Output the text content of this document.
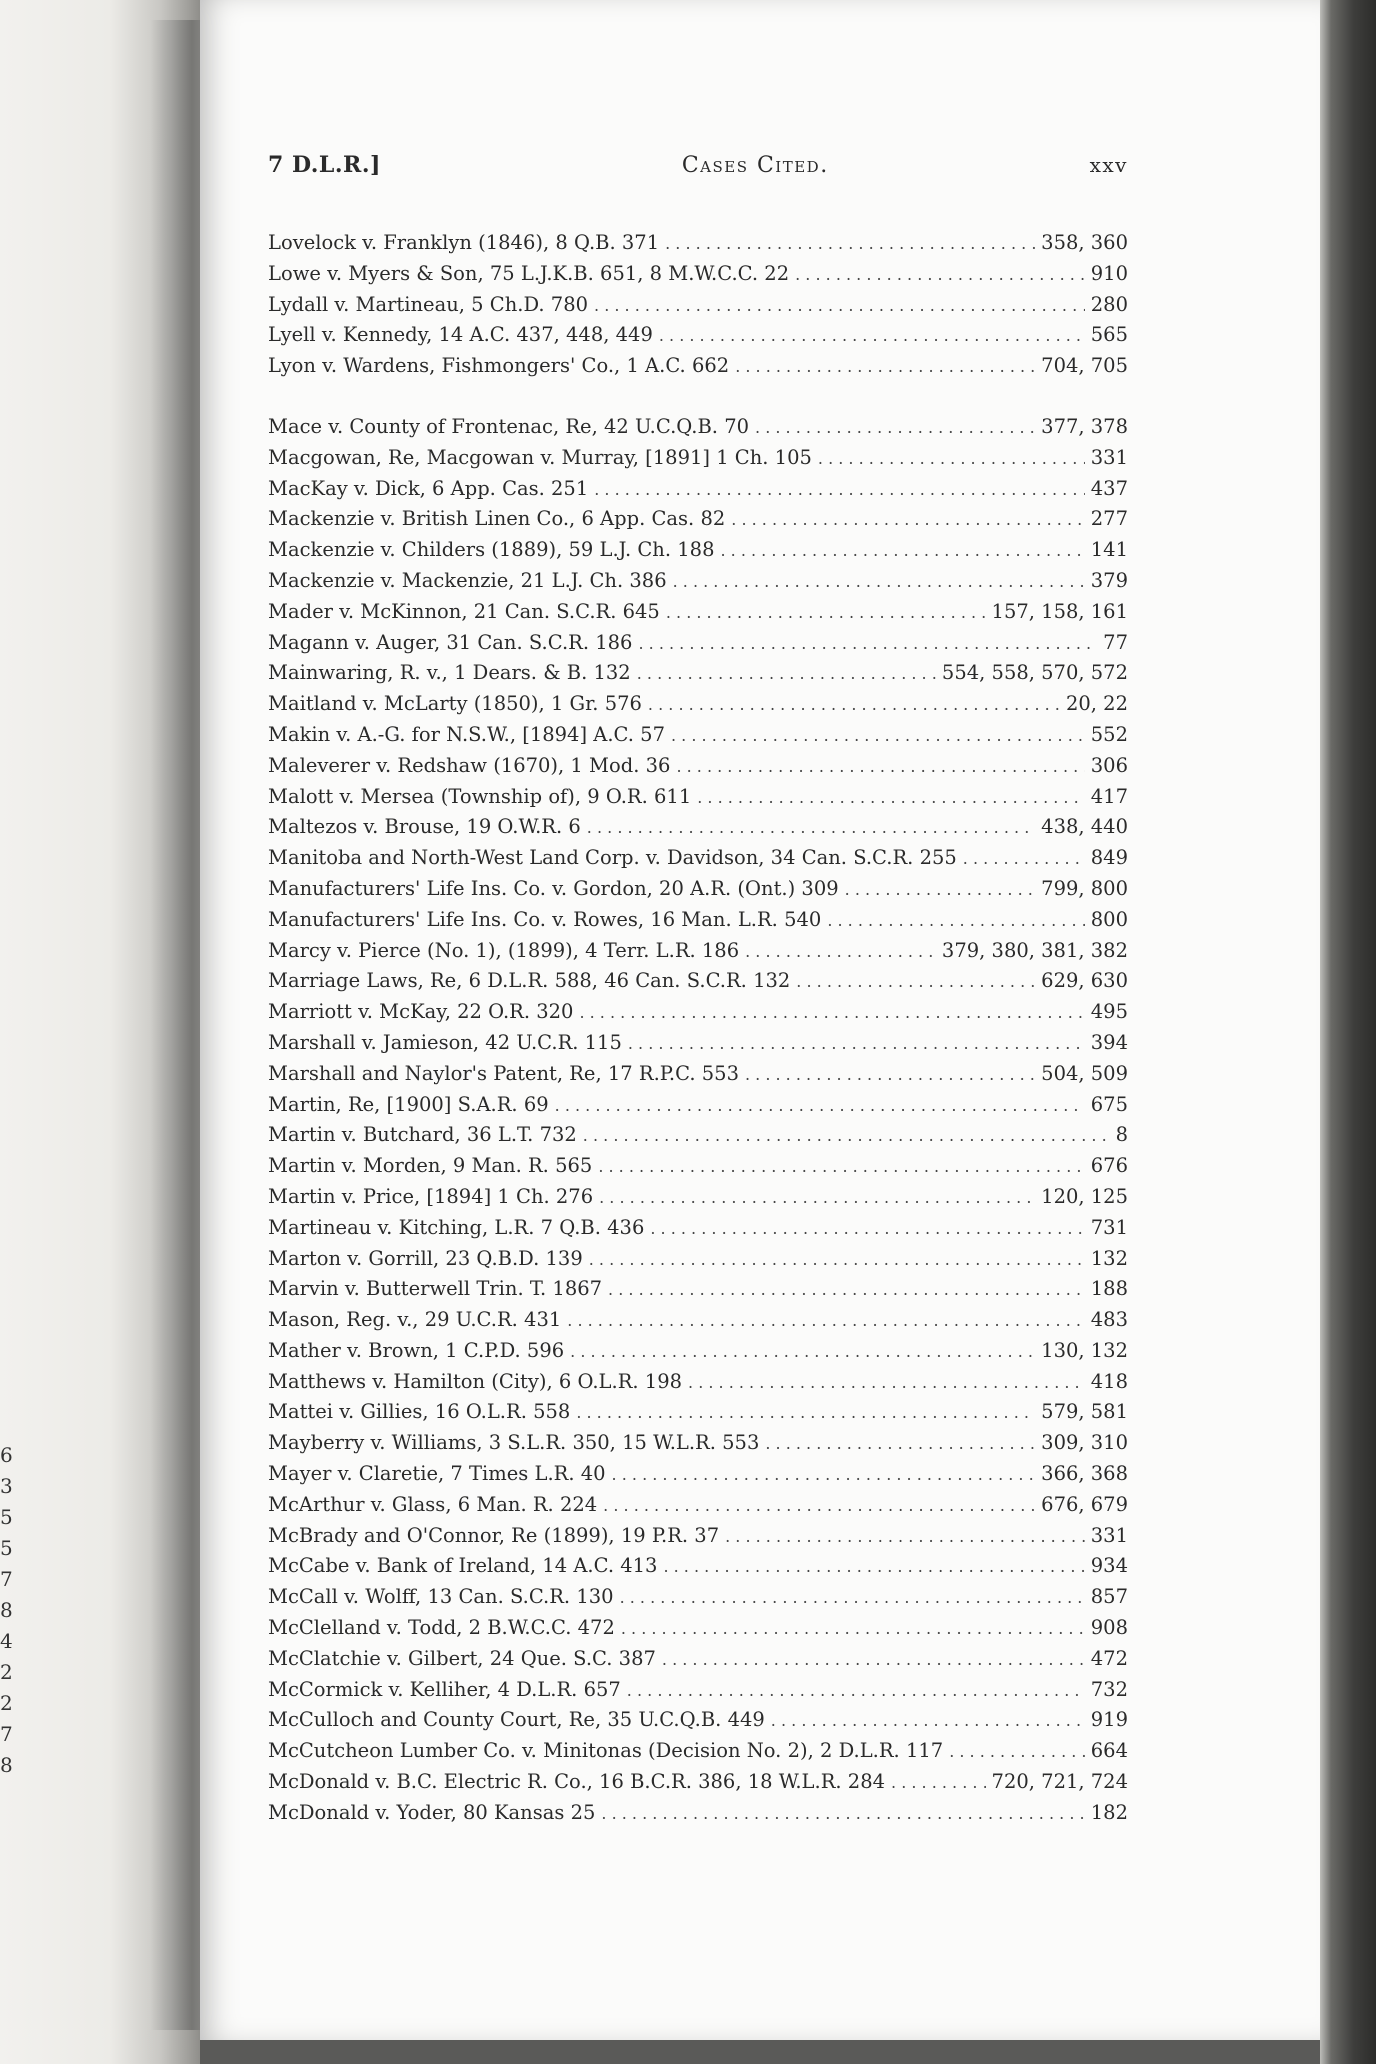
6
3
5
5
7
8
4
2
2
7
8
7 D.L.R.]	Cases Cited.	xxv
Lovelock v. Franklyn (1846), 8 Q.B. 371 . . .	358, 360
Lowe v. Myers & Son, 75 L.J.K.B. 651, 8 M.W.C.C. 22 . . .	910
Lydall v. Martineau, 5 Ch.D. 780 . . .	280
Lyell v. Kennedy, 14 A.C. 437, 448, 449 . . .	565
Lyon v. Wardens, Fishmongers' Co., 1 A.C. 662 . . .	704, 705
Mace v. County of Frontenac, Re, 42 U.C.Q.B. 70 . . .	377, 378
Macgowan, Re, Macgowan v. Murray, [1891] 1 Ch. 105 . . .	331
MacKay v. Dick, 6 App. Cas. 251 . . .	437
Mackenzie v. British Linen Co., 6 App. Cas. 82 . . .	277
Mackenzie v. Childers (1889), 59 L.J. Ch. 188 . . .	141
Mackenzie v. Mackenzie, 21 L.J. Ch. 386 . . .	379
Mader v. McKinnon, 21 Can. S.C.R. 645 . . .	157, 158, 161
Magann v. Auger, 31 Can. S.C.R. 186 . . .	77
Mainwaring, R. v., 1 Dears. & B. 132 . . .	554, 558, 570, 572
Maitland v. McLarty (1850), 1 Gr. 576 . . .	20, 22
Makin v. A.-G. for N.S.W., [1894] A.C. 57 . . .	552
Maleverer v. Redshaw (1670), 1 Mod. 36 . . .	306
Malott v. Mersea (Township of), 9 O.R. 611 . . .	417
Maltezos v. Brouse, 19 O.W.R. 6 . . .	438, 440
Manitoba and North-West Land Corp. v. Davidson, 34 Can. S.C.R. 255 . . .	849
Manufacturers' Life Ins. Co. v. Gordon, 20 A.R. (Ont.) 309 . . .	799, 800
Manufacturers' Life Ins. Co. v. Rowes, 16 Man. L.R. 540 . . .	800
Marcy v. Pierce (No. 1), (1899), 4 Terr. L.R. 186 . . .	379, 380, 381, 382
Marriage Laws, Re, 6 D.L.R. 588, 46 Can. S.C.R. 132 . . .	629, 630
Marriott v. McKay, 22 O.R. 320 . . .	495
Marshall v. Jamieson, 42 U.C.R. 115 . . .	394
Marshall and Naylor's Patent, Re, 17 R.P.C. 553 . . .	504, 509
Martin, Re, [1900] S.A.R. 69 . . .	675
Martin v. Butchard, 36 L.T. 732 . . .	8
Martin v. Morden, 9 Man. R. 565 . . .	676
Martin v. Price, [1894] 1 Ch. 276 . . .	120, 125
Martineau v. Kitching, L.R. 7 Q.B. 436 . . .	731
Marton v. Gorrill, 23 Q.B.D. 139 . . .	132
Marvin v. Butterwell Trin. T. 1867 . . .	188
Mason, Reg. v., 29 U.C.R. 431 . . .	483
Mather v. Brown, 1 C.P.D. 596 . . .	130, 132
Matthews v. Hamilton (City), 6 O.L.R. 198 . . .	418
Mattei v. Gillies, 16 O.L.R. 558 . . .	579, 581
Mayberry v. Williams, 3 S.L.R. 350, 15 W.L.R. 553 . . .	309, 310
Mayer v. Claretie, 7 Times L.R. 40 . . .	366, 368
McArthur v. Glass, 6 Man. R. 224 . . .	676, 679
McBrady and O'Connor, Re (1899), 19 P.R. 37 . . .	331
McCabe v. Bank of Ireland, 14 A.C. 413 . . .	934
McCall v. Wolff, 13 Can. S.C.R. 130 . . .	857
McClelland v. Todd, 2 B.W.C.C. 472 . . .	908
McClatchie v. Gilbert, 24 Que. S.C. 387 . . .	472
McCormick v. Kelliher, 4 D.L.R. 657 . . .	732
McCulloch and County Court, Re, 35 U.C.Q.B. 449 . . .	919
McCutcheon Lumber Co. v. Minitonas (Decision No. 2), 2 D.L.R. 117 . . .	664
McDonald v. B.C. Electric R. Co., 16 B.C.R. 386, 18 W.L.R. 284 . . .	720, 721, 724
McDonald v. Yoder, 80 Kansas 25 . . .	182
